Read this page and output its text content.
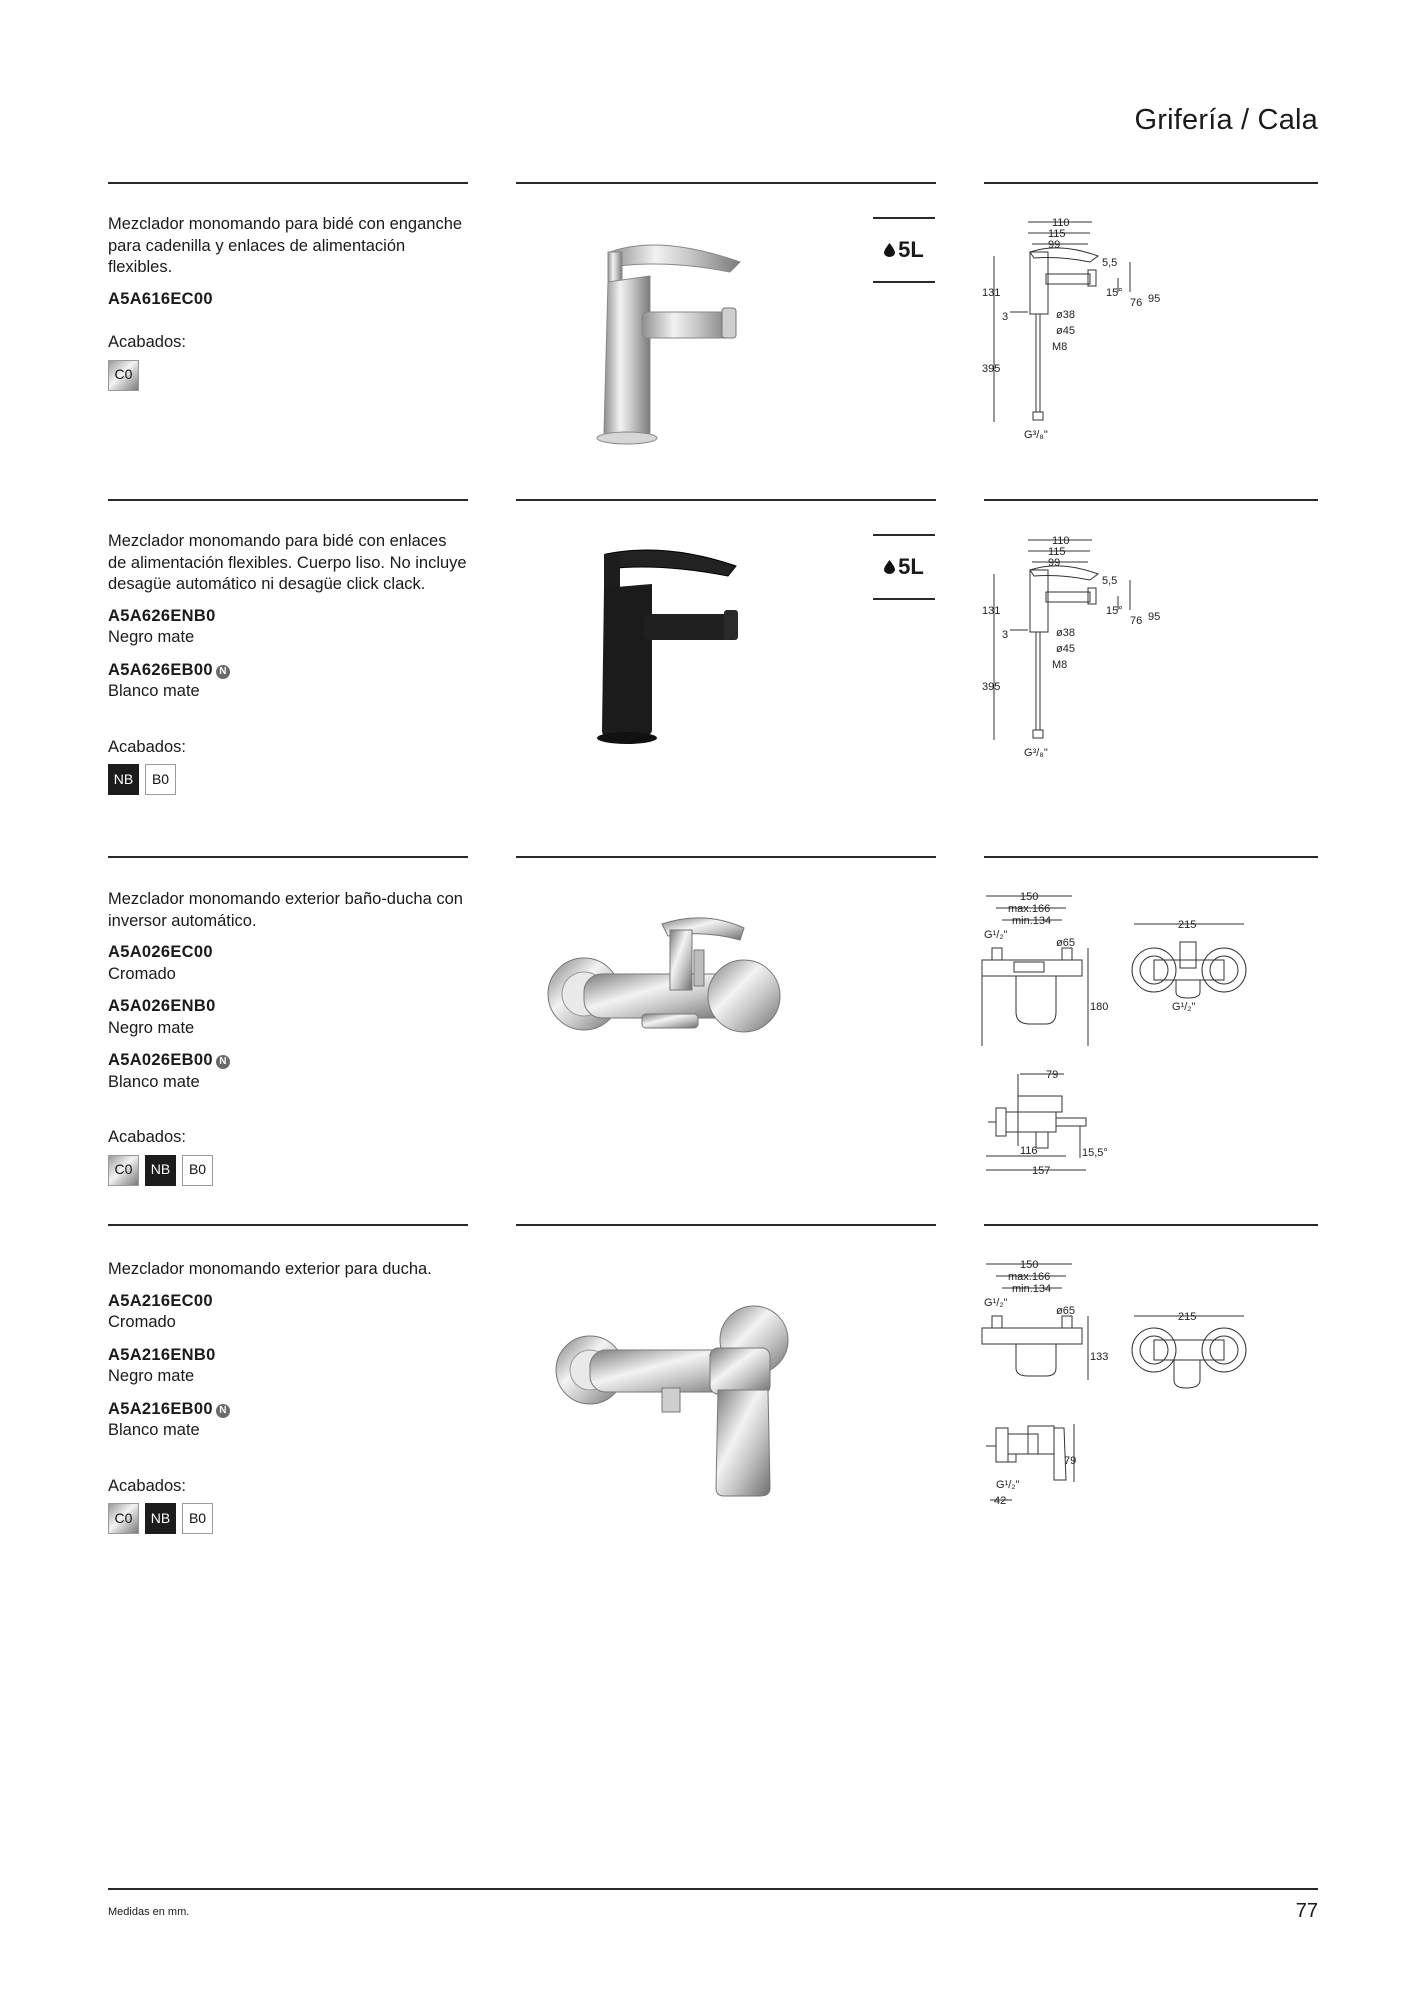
Grifería / Cala
Mezclador monomando para bidé con enganche para cadenilla y enlaces de alimentación flexibles.
A5A616EC00
Acabados:
C0
5L
110
115
99
5,5
131	15°
76 95
3	ø38
ø45
M8
395
G³/₈"
Mezclador monomando para bidé con enlaces de alimentación flexibles. Cuerpo liso. No incluye desagüe automático ni desagüe click clack.
A5A626ENB0
Negro mate
A5A626EB00 N
Blanco mate
Acabados:
NB	B0
5L
110
115
99
5,5
131	15°
76 95
3	ø38
ø45
M8
395
G³/₈"
Mezclador monomando exterior baño-ducha con inversor automático.
A5A026EC00
Cromado
A5A026ENB0
Negro mate
A5A026EB00 N
Blanco mate
Acabados:
C0	NB	B0
150
max.166
min.134
G¹/₂"
ø65
180
215
G¹/₂"
79
116
157
15,5°
Mezclador monomando exterior para ducha.
A5A216EC00
Cromado
A5A216ENB0
Negro mate
A5A216EB00 N
Blanco mate
Acabados:
C0	NB	B0
150
max.166
min.134
G¹/₂"
ø65
133
215
79
G¹/₂"
42
Medidas en mm.	77
